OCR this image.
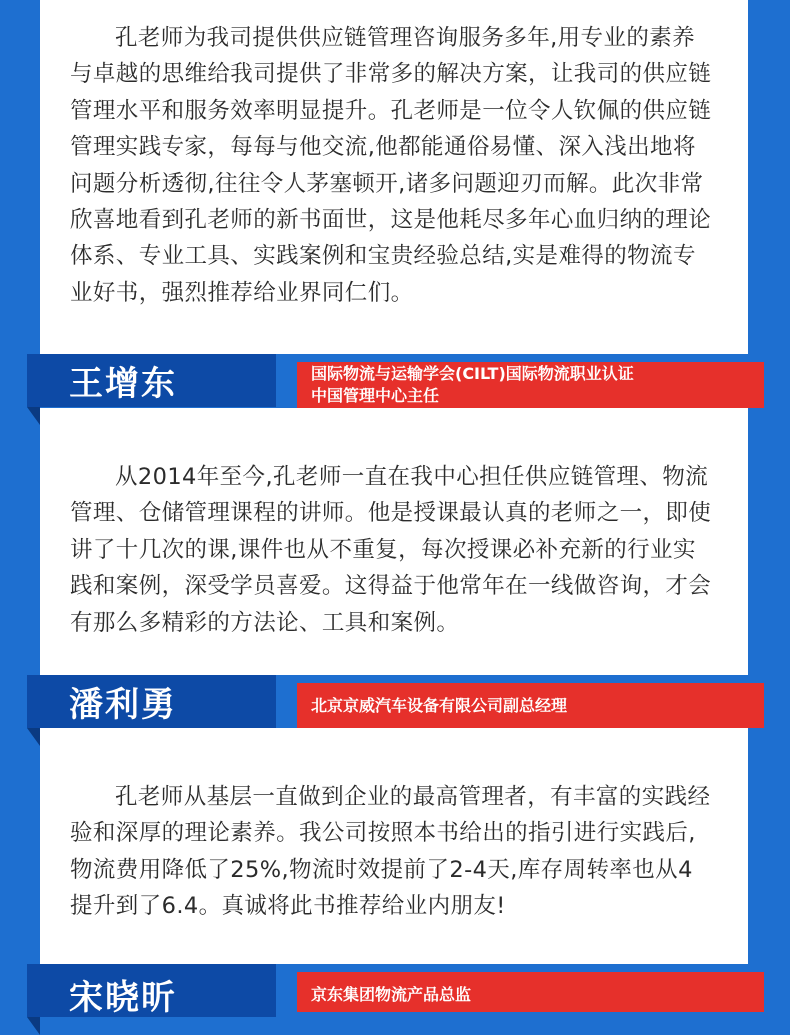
孔老师为我司提供供应链管理咨询服务多年,用专业的素养与卓越的思维给我司提供了非常多的解决方案，让我司的供应链管理水平和服务效率明显提升。孔老师是一位令人钦佩的供应链管理实践专家，每每与他交流,他都能通俗易懂、深入浅出地将问题分析透彻,往往令人茅塞顿开,诸多问题迎刃而解。此次非常欣喜地看到孔老师的新书面世，这是他耗尽多年心血归纳的理论体系、专业工具、实践案例和宝贵经验总结,实是难得的物流专业好书，强烈推荐给业界同仁们。

王增东	国际物流与运输学会(CILT)国际物流职业认证
中国管理中心主任

从2014年至今,孔老师一直在我中心担任供应链管理、物流管理、仓储管理课程的讲师。他是授课最认真的老师之一，即使讲了十几次的课,课件也从不重复，每次授课必补充新的行业实践和案例，深受学员喜爱。这得益于他常年在一线做咨询，才会有那么多精彩的方法论、工具和案例。

潘利勇	北京京威汽车设备有限公司副总经理

孔老师从基层一直做到企业的最高管理者，有丰富的实践经验和深厚的理论素养。我公司按照本书给出的指引进行实践后,物流费用降低了25%,物流时效提前了2-4天,库存周转率也从4提升到了6.4。真诚将此书推荐给业内朋友!

宋晓昕	京东集团物流产品总监
